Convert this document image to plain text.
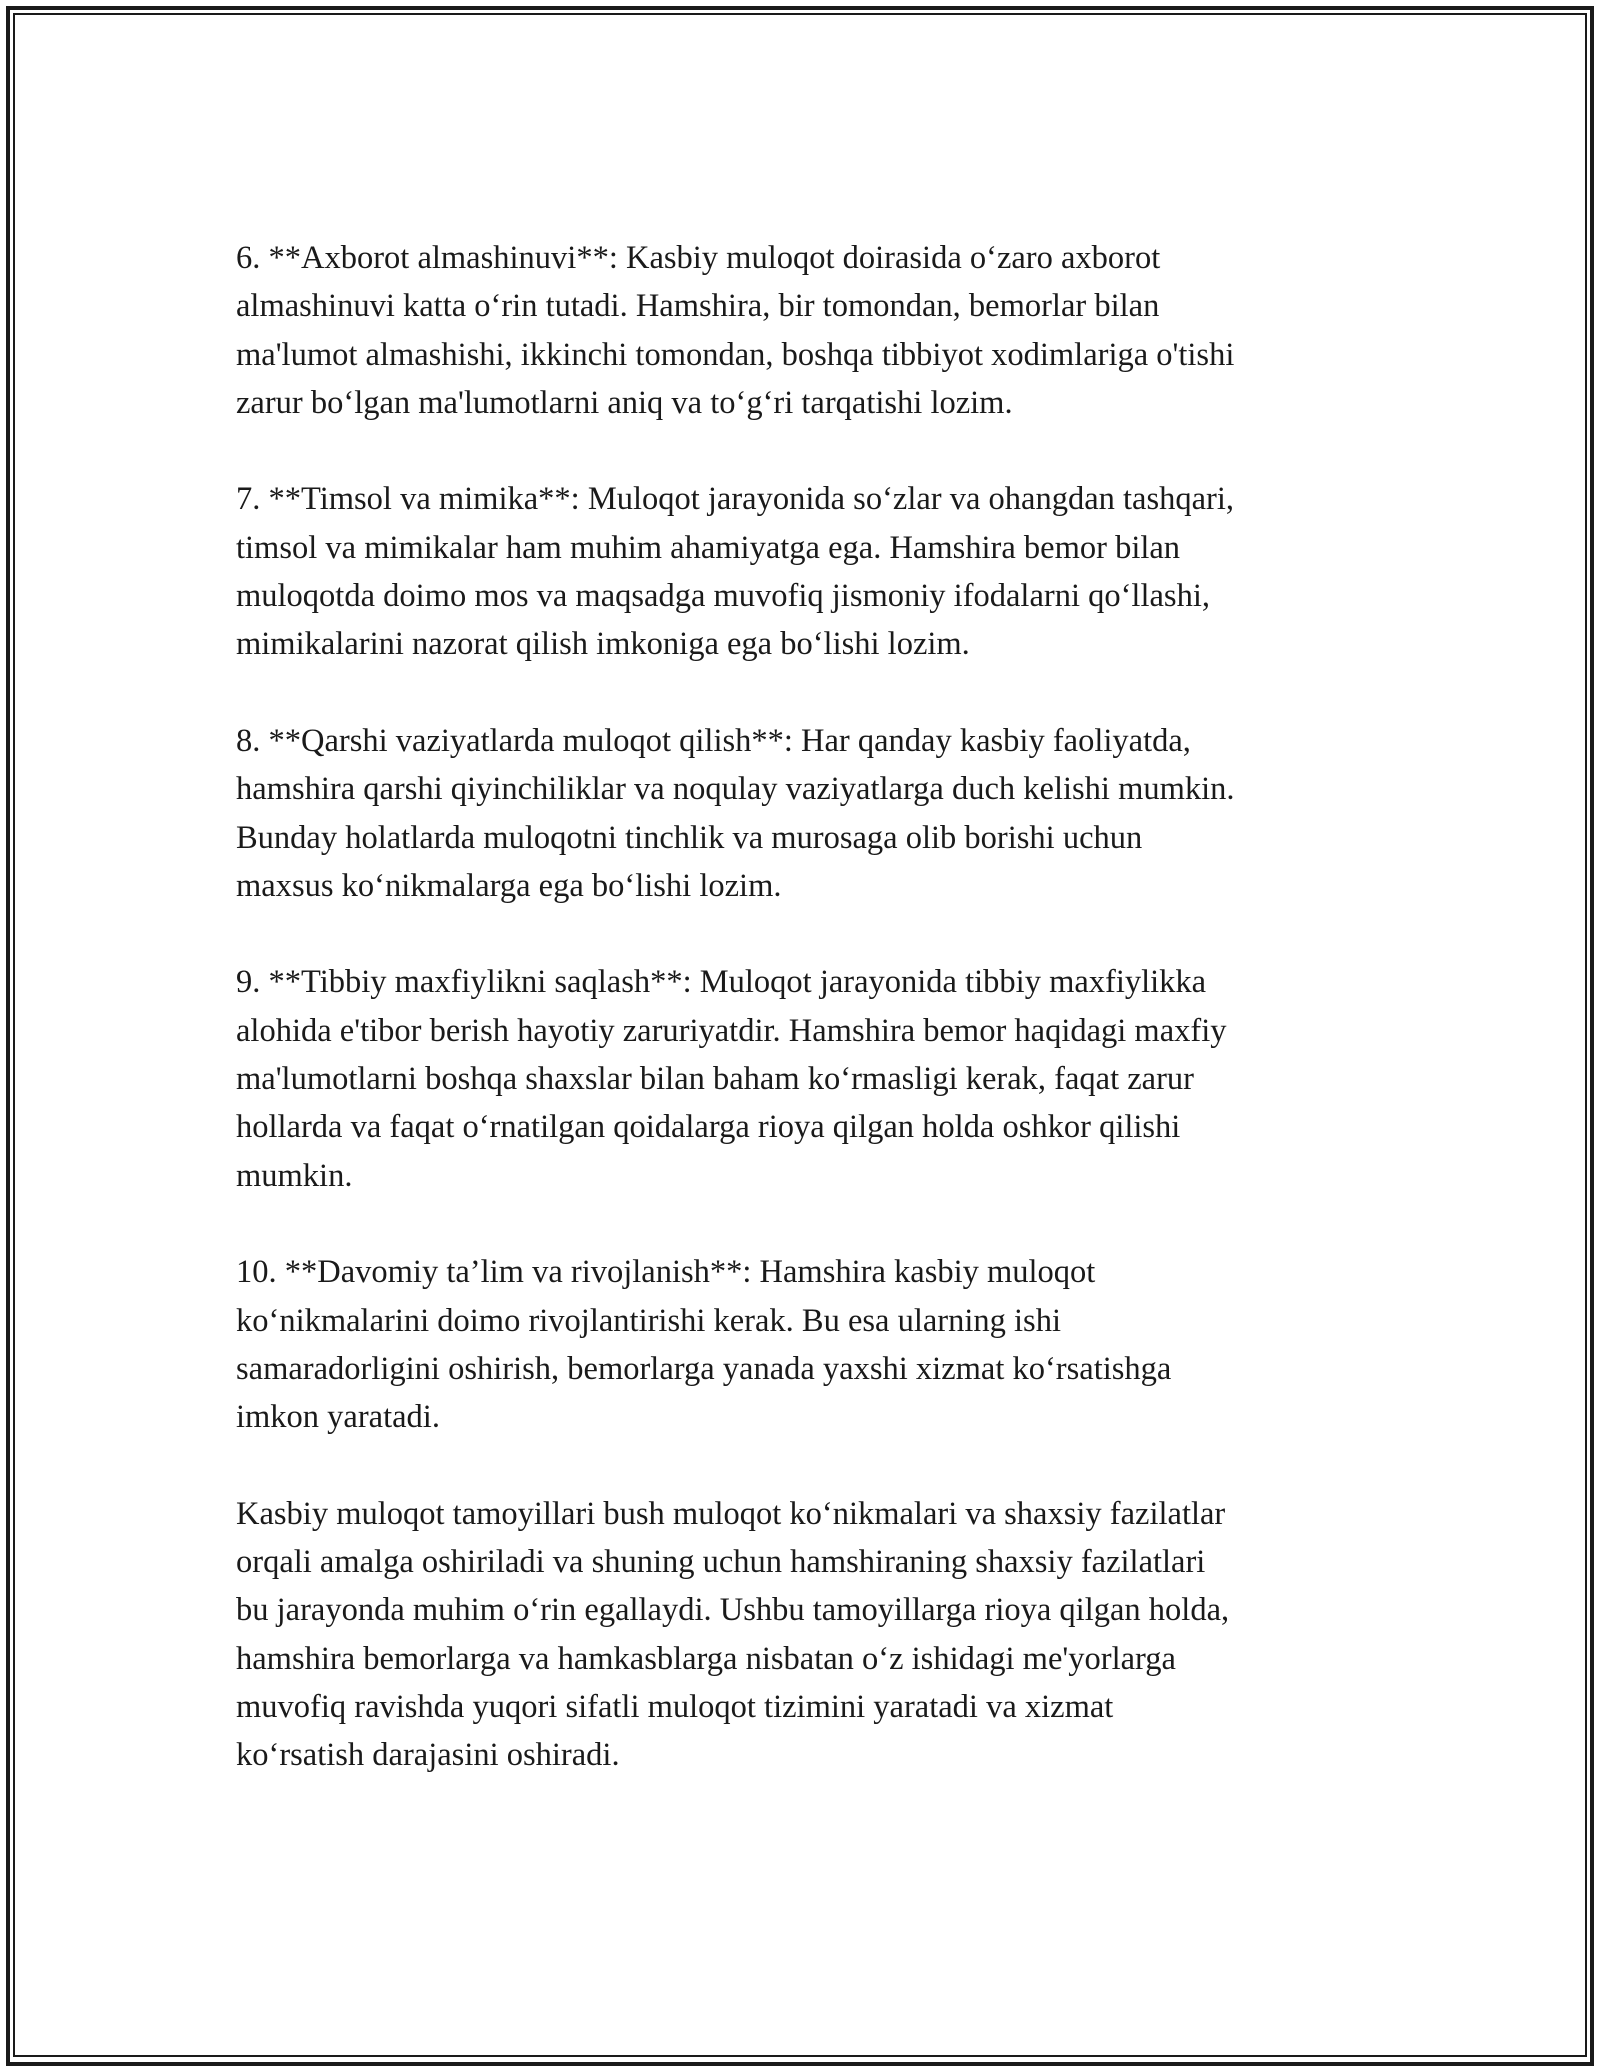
6. **Axborot almashinuvi**: Kasbiy muloqot doirasida o‘zaro axborot
almashinuvi katta o‘rin tutadi. Hamshira, bir tomondan, bemorlar bilan
ma'lumot almashishi, ikkinchi tomondan, boshqa tibbiyot xodimlariga o'tishi
zarur bo‘lgan ma'lumotlarni aniq va to‘g‘ri tarqatishi lozim.

7. **Timsol va mimika**: Muloqot jarayonida so‘zlar va ohangdan tashqari,
timsol va mimikalar ham muhim ahamiyatga ega. Hamshira bemor bilan
muloqotda doimo mos va maqsadga muvofiq jismoniy ifodalarni qo‘llashi,
mimikalarini nazorat qilish imkoniga ega bo‘lishi lozim.

8. **Qarshi vaziyatlarda muloqot qilish**: Har qanday kasbiy faoliyatda,
hamshira qarshi qiyinchiliklar va noqulay vaziyatlarga duch kelishi mumkin.
Bunday holatlarda muloqotni tinchlik va murosaga olib borishi uchun
maxsus ko‘nikmalarga ega bo‘lishi lozim.

9. **Tibbiy maxfiylikni saqlash**: Muloqot jarayonida tibbiy maxfiylikka
alohida e'tibor berish hayotiy zaruriyatdir. Hamshira bemor haqidagi maxfiy
ma'lumotlarni boshqa shaxslar bilan baham ko‘rmasligi kerak, faqat zarur
hollarda va faqat o‘rnatilgan qoidalarga rioya qilgan holda oshkor qilishi
mumkin.

10. **Davomiy ta’lim va rivojlanish**: Hamshira kasbiy muloqot
ko‘nikmalarini doimo rivojlantirishi kerak. Bu esa ularning ishi
samaradorligini oshirish, bemorlarga yanada yaxshi xizmat ko‘rsatishga
imkon yaratadi.

Kasbiy muloqot tamoyillari bush muloqot ko‘nikmalari va shaxsiy fazilatlar
orqali amalga oshiriladi va shuning uchun hamshiraning shaxsiy fazilatlari
bu jarayonda muhim o‘rin egallaydi. Ushbu tamoyillarga rioya qilgan holda,
hamshira bemorlarga va hamkasblarga nisbatan o‘z ishidagi me'yorlarga
muvofiq ravishda yuqori sifatli muloqot tizimini yaratadi va xizmat
ko‘rsatish darajasini oshiradi.
